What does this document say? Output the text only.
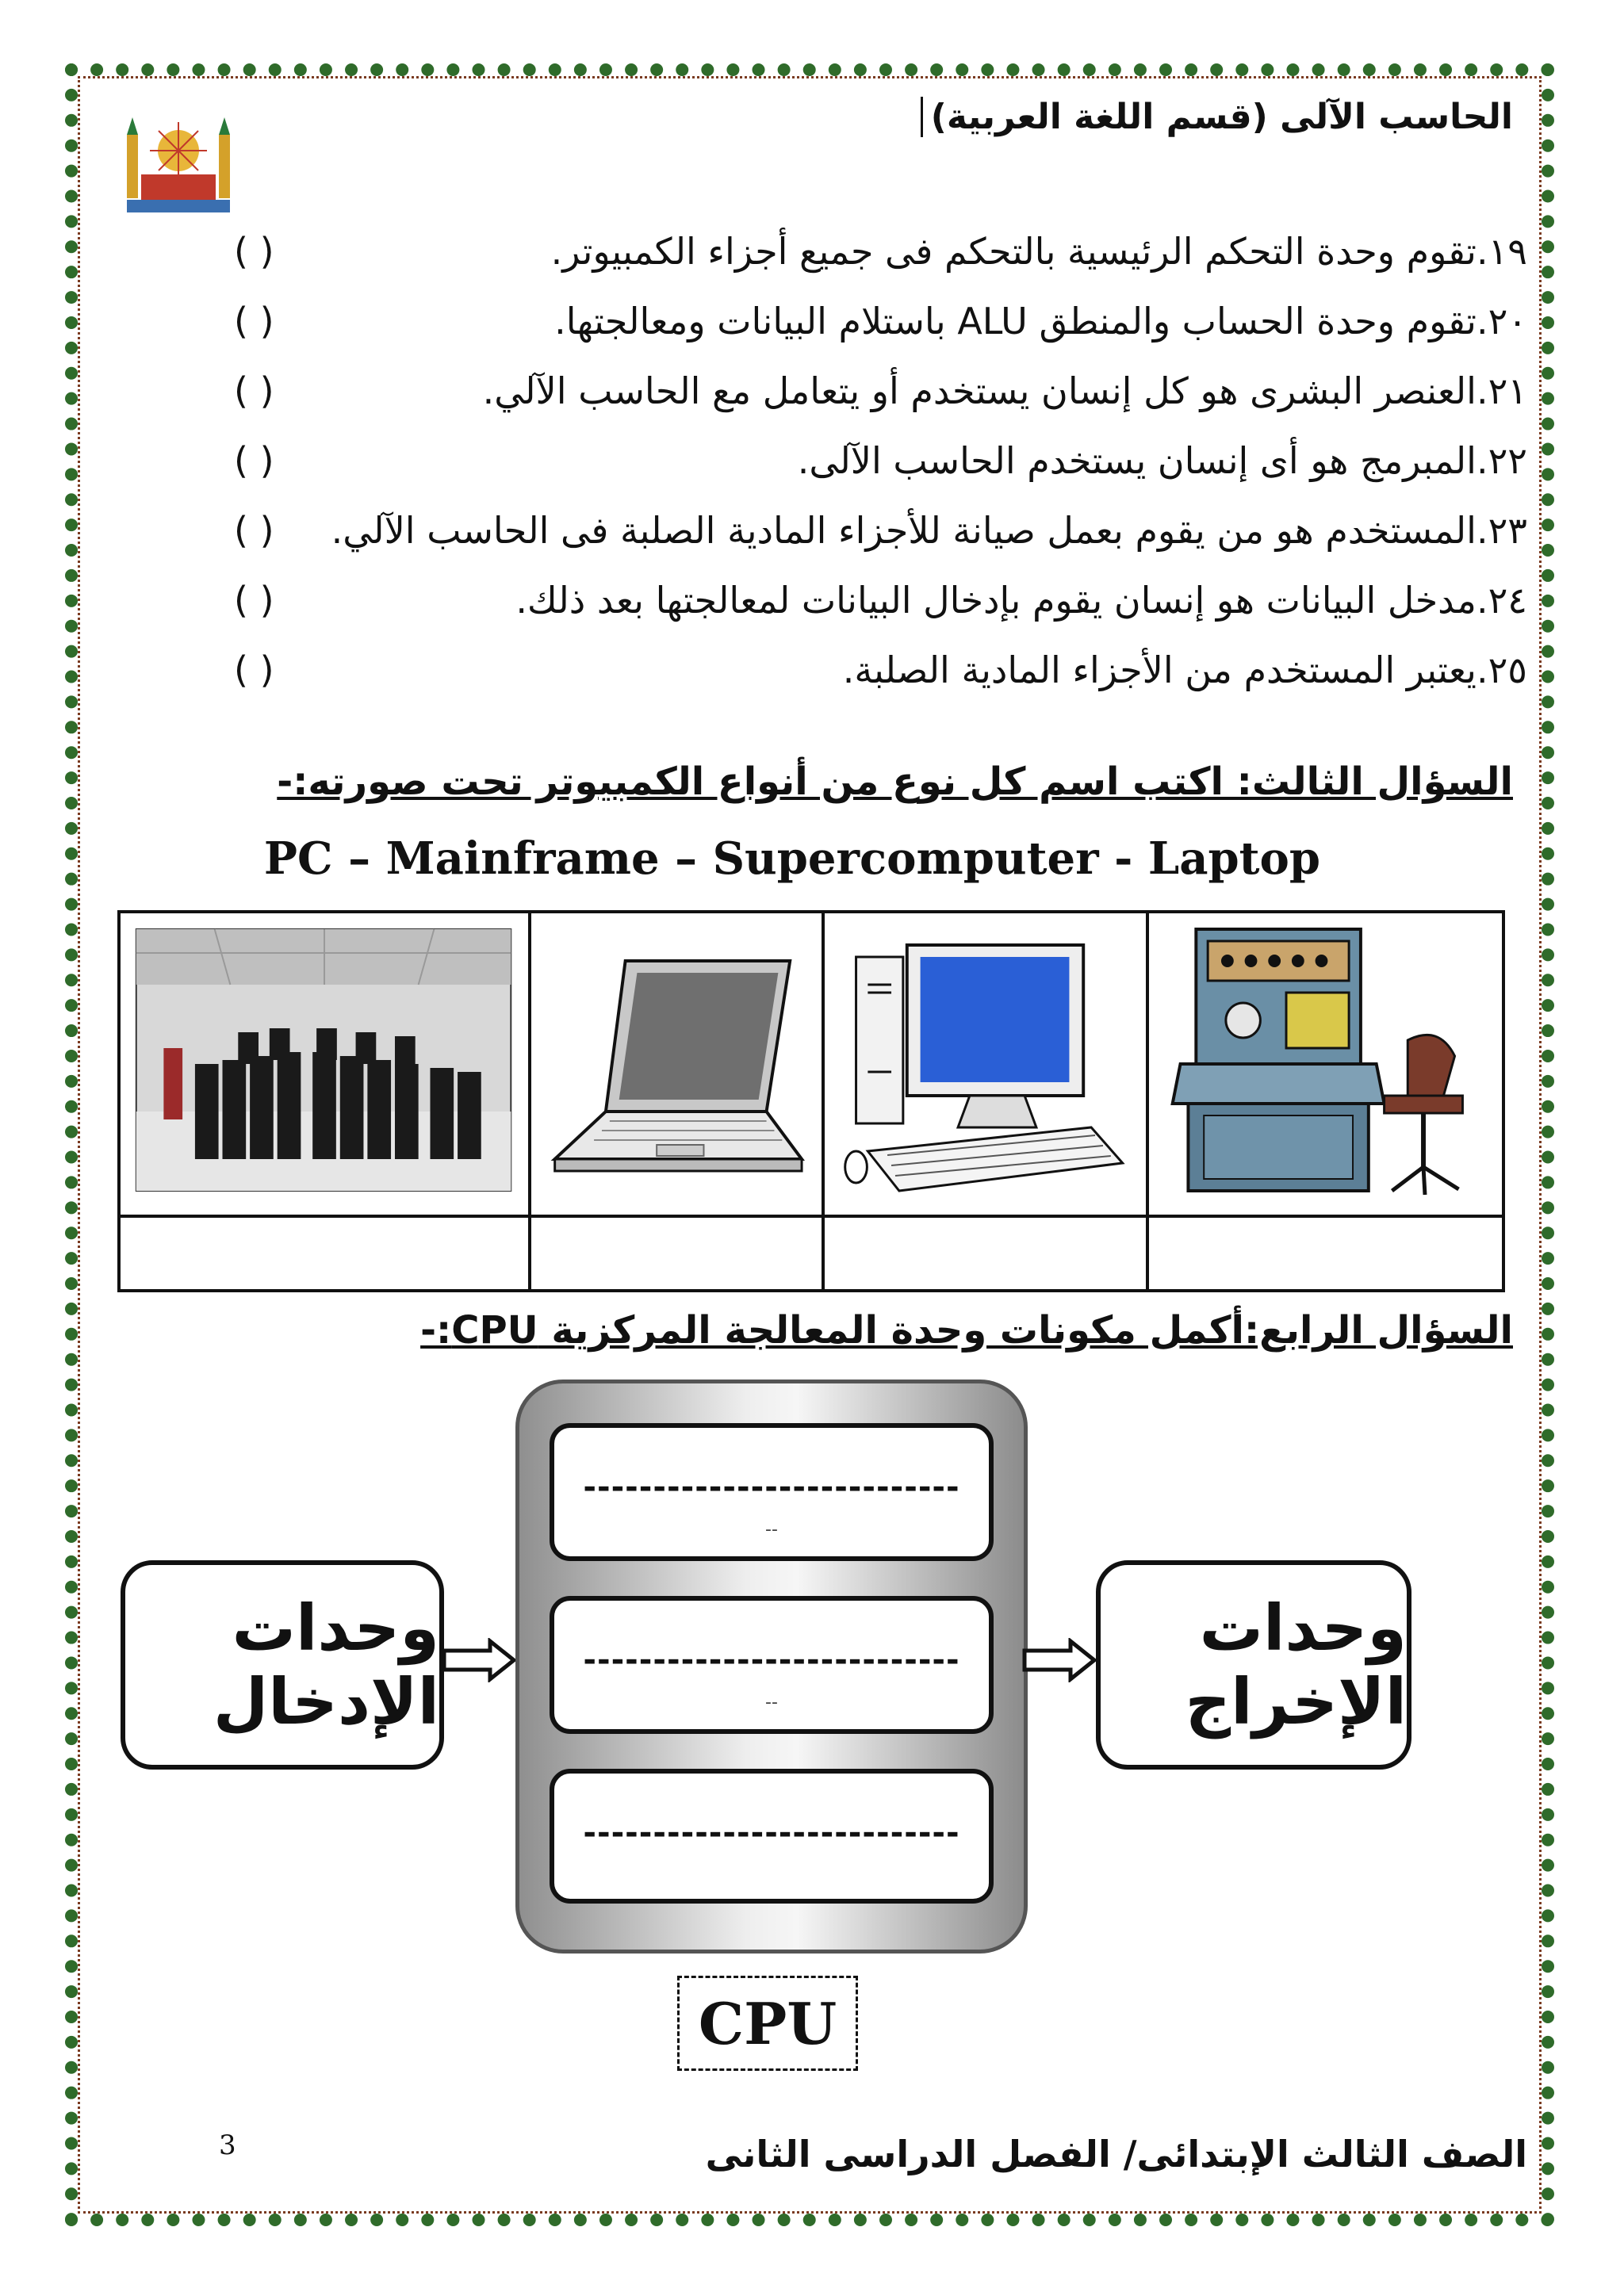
الحاسب الآلى (قسم اللغة العربية)
١٩.تقوم وحدة التحكم الرئيسية بالتحكم فى جميع أجزاء الكمبيوتر.
( )
٢٠.تقوم وحدة الحساب والمنطق ALU باستلام البيانات ومعالجتها.
( )
٢١.العنصر البشرى هو كل إنسان يستخدم أو يتعامل مع الحاسب الآلي.
( )
٢٢.المبرمج هو أى إنسان يستخدم الحاسب الآلى.
( )
٢٣.المستخدم هو من يقوم بعمل صيانة للأجزاء المادية الصلبة فى الحاسب الآلي.
( )
٢٤.مدخل البيانات هو إنسان يقوم بإدخال البيانات لمعالجتها بعد ذلك.
( )
٢٥.يعتبر المستخدم من الأجزاء المادية الصلبة.
( )
السؤال الثالث: اكتب اسم كل نوع من أنواع الكمبيوتر تحت صورته:-
PC – Mainframe – Supercomputer - Laptop

السؤال الرابع:أكمل مكونات وحدة المعالجة المركزية CPU:-
وحدات الإدخال
---------------------------
--
---------------------------
--
---------------------------
وحدات الإخراج
CPU
3	الصف الثالث الإبتدائى/ الفصل الدراسى الثانى
